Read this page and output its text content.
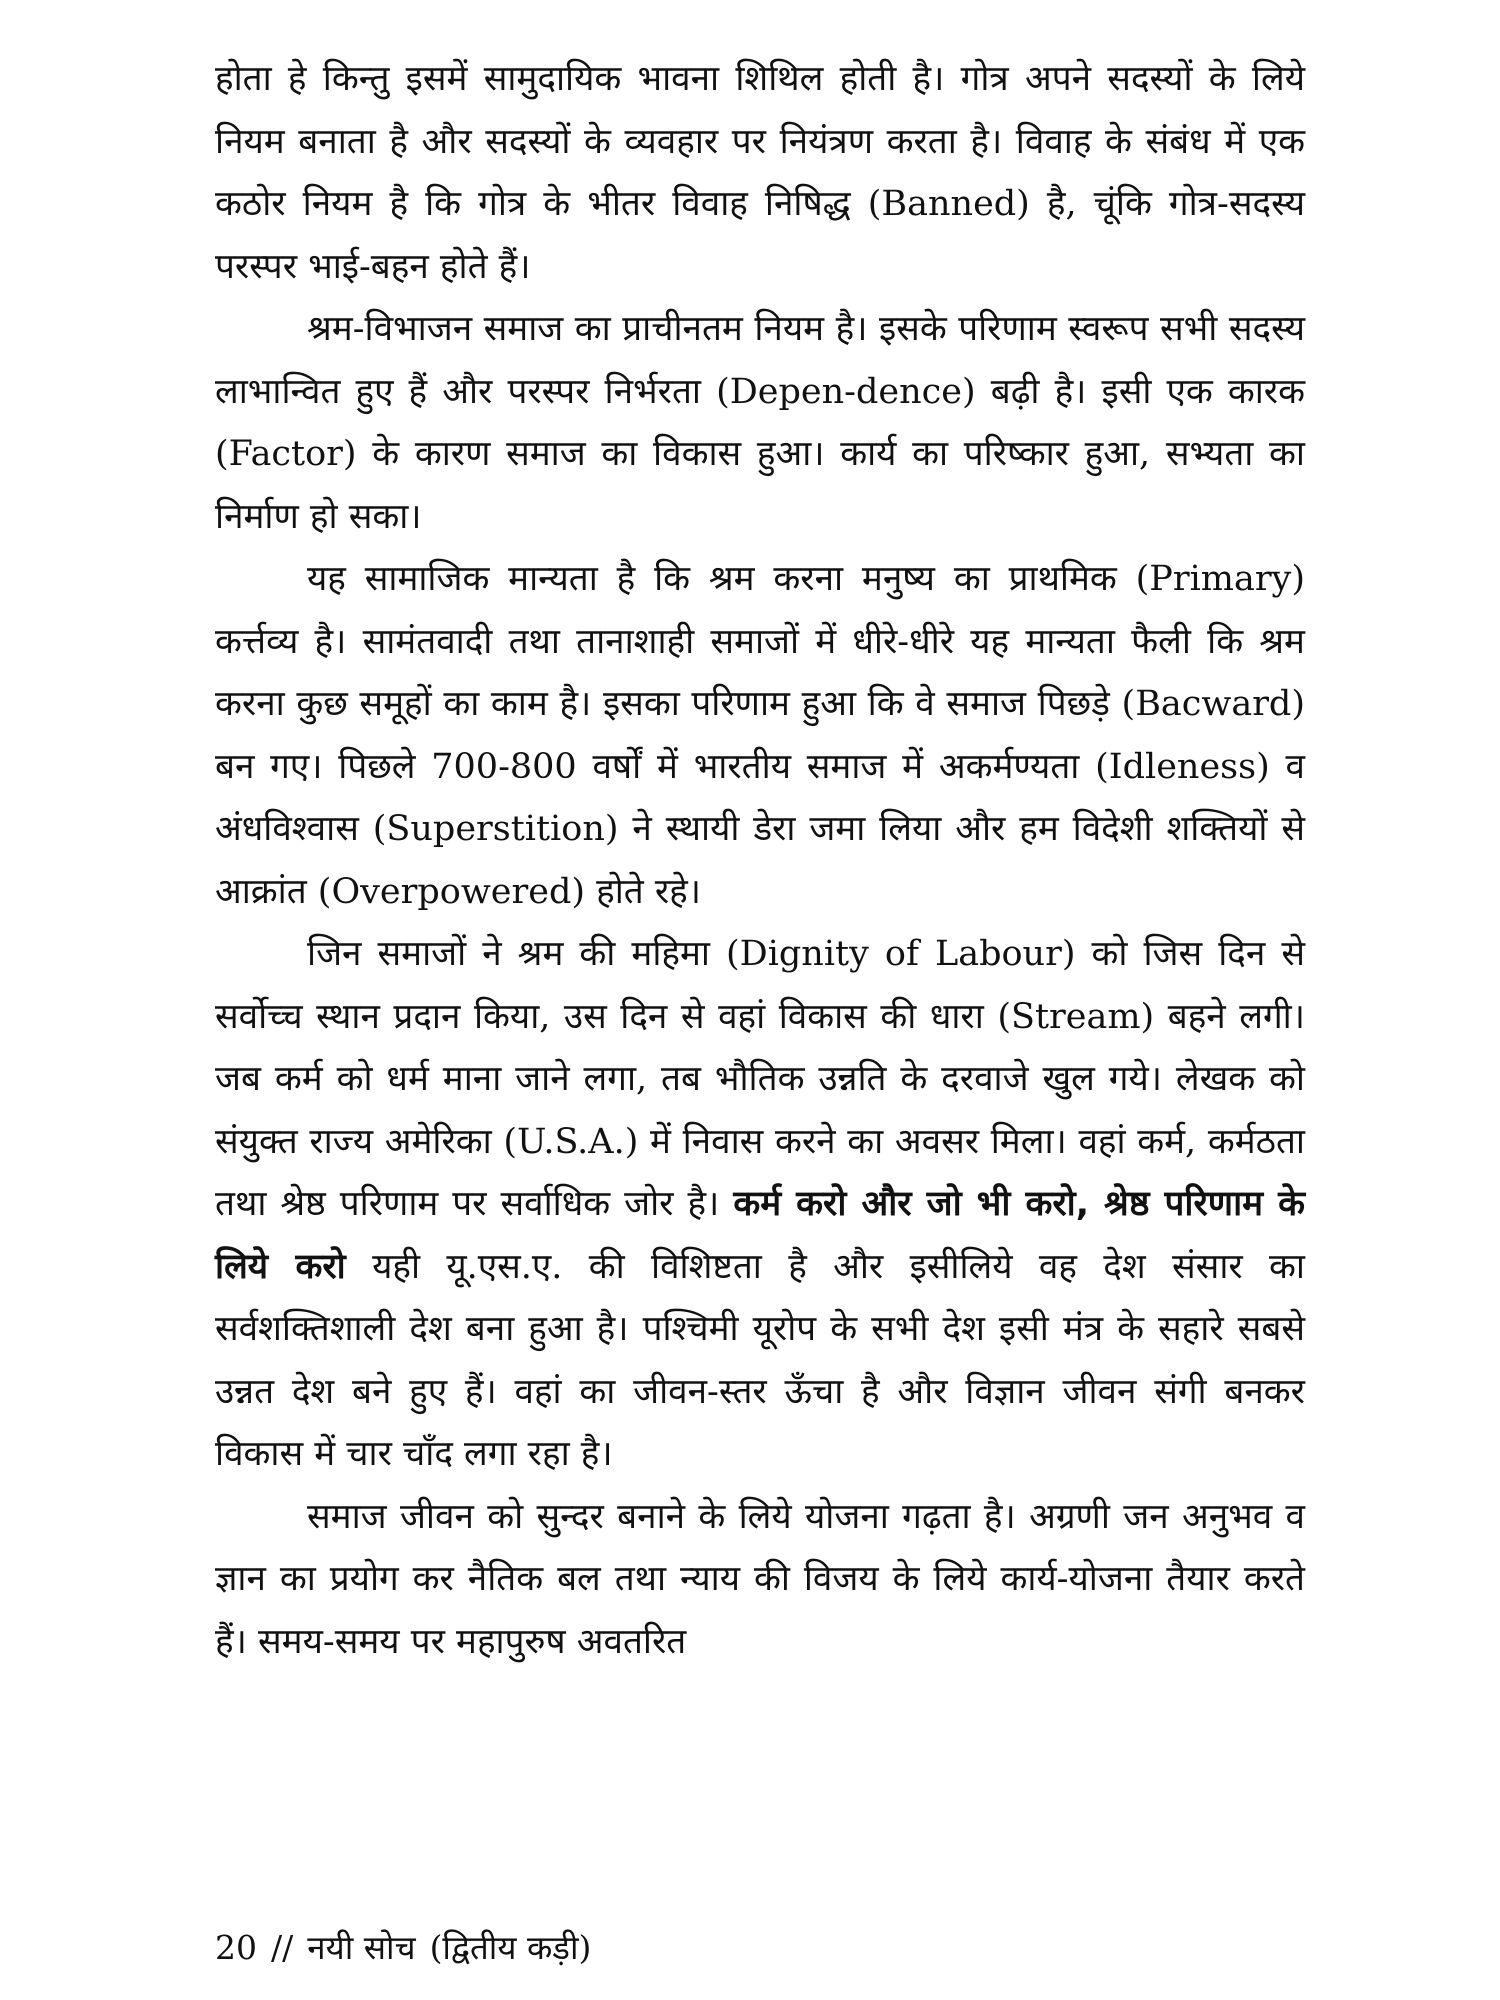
होता हे किन्तु इसमें सामुदायिक भावना शिथिल होती है। गोत्र अपने सदस्यों के लिये नियम बनाता है और सदस्यों के व्यवहार पर नियंत्रण करता है। विवाह के संबंध में एक कठोर नियम है कि गोत्र के भीतर विवाह निषिद्ध (Banned) है, चूंकि गोत्र-सदस्य परस्पर भाई-बहन होते हैं।

श्रम-विभाजन समाज का प्राचीनतम नियम है। इसके परिणाम स्वरूप सभी सदस्य लाभान्वित हुए हैं और परस्पर निर्भरता (Depen-dence) बढ़ी है। इसी एक कारक (Factor) के कारण समाज का विकास हुआ। कार्य का परिष्कार हुआ, सभ्यता का निर्माण हो सका।

यह सामाजिक मान्यता है कि श्रम करना मनुष्य का प्राथमिक (Primary) कर्त्तव्य है। सामंतवादी तथा तानाशाही समाजों में धीरे-धीरे यह मान्यता फैली कि श्रम करना कुछ समूहों का काम है। इसका परिणाम हुआ कि वे समाज पिछड़े (Bacward) बन गए। पिछले 700-800 वर्षों में भारतीय समाज में अकर्मण्यता (Idleness) व अंधविश्वास (Superstition) ने स्थायी डेरा जमा लिया और हम विदेशी शक्तियों से आक्रांत (Overpowered) होते रहे।

जिन समाजों ने श्रम की महिमा (Dignity of Labour) को जिस दिन से सर्वोच्च स्थान प्रदान किया, उस दिन से वहां विकास की धारा (Stream) बहने लगी। जब कर्म को धर्म माना जाने लगा, तब भौतिक उन्नति के दरवाजे खुल गये। लेखक को संयुक्त राज्य अमेरिका (U.S.A.) में निवास करने का अवसर मिला। वहां कर्म, कर्मठता तथा श्रेष्ठ परिणाम पर सर्वाधिक जोर है। कर्म करो और जो भी करो, श्रेष्ठ परिणाम के लिये करो यही यू.एस.ए. की विशिष्टता है और इसीलिये वह देश संसार का सर्वशक्तिशाली देश बना हुआ है। पश्चिमी यूरोप के सभी देश इसी मंत्र के सहारे सबसे उन्नत देश बने हुए हैं। वहां का जीवन-स्तर ऊँचा है और विज्ञान जीवन संगी बनकर विकास में चार चाँद लगा रहा है।

समाज जीवन को सुन्दर बनाने के लिये योजना गढ़ता है। अग्रणी जन अनुभव व ज्ञान का प्रयोग कर नैतिक बल तथा न्याय की विजय के लिये कार्य-योजना तैयार करते हैं। समय-समय पर महापुरुष अवतरित

20 // नयी सोच (द्वितीय कड़ी)
